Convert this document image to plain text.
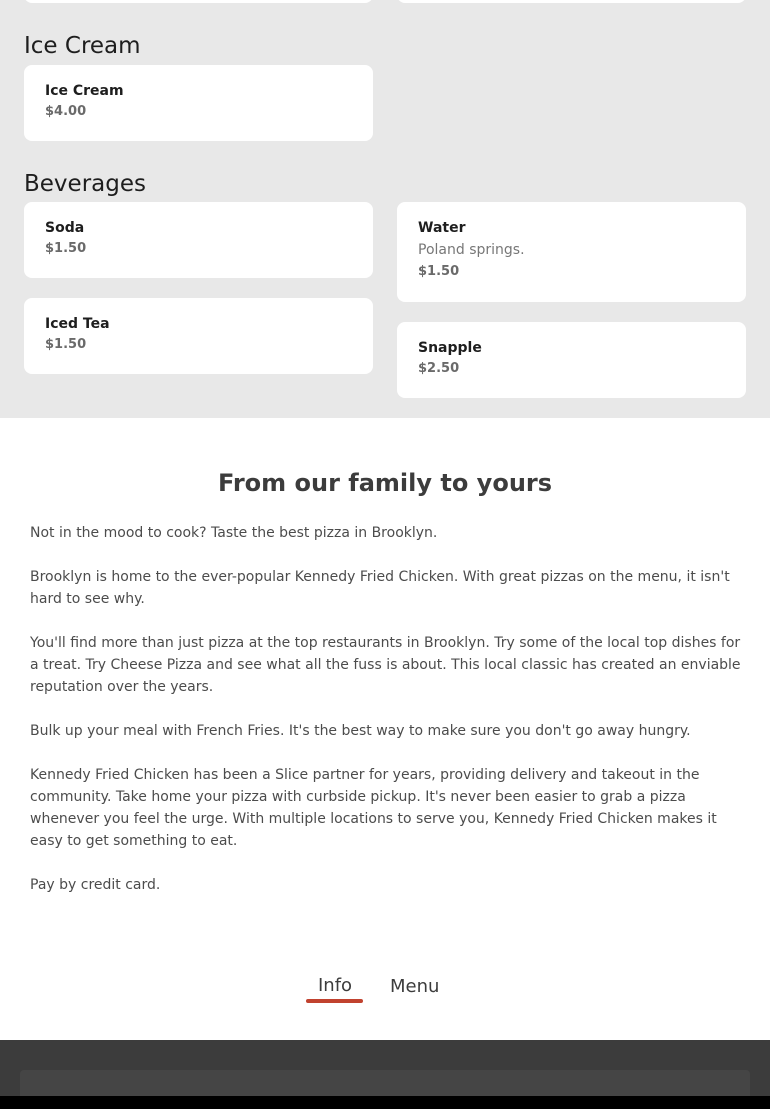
Ice Cream
Ice Cream
$4.00
Beverages
Soda
$1.50
Water
Poland springs.
$1.50
Iced Tea
$1.50	Snapple
$2.50
From our family to yours

Not in the mood to cook? Taste the best pizza in Brooklyn.

Brooklyn is home to the ever-popular Kennedy Fried Chicken. With great pizzas on the menu, it isn't hard to see why.

You'll find more than just pizza at the top restaurants in Brooklyn. Try some of the local top dishes for a treat. Try Cheese Pizza and see what all the fuss is about. This local classic has created an enviable reputation over the years.

Bulk up your meal with French Fries. It's the best way to make sure you don't go away hungry.

Kennedy Fried Chicken has been a Slice partner for years, providing delivery and takeout in the community. Take home your pizza with curbside pickup. It's never been easier to grab a pizza whenever you feel the urge. With multiple locations to serve you, Kennedy Fried Chicken makes it easy to get something to eat.

Pay by credit card.

Info Menu
